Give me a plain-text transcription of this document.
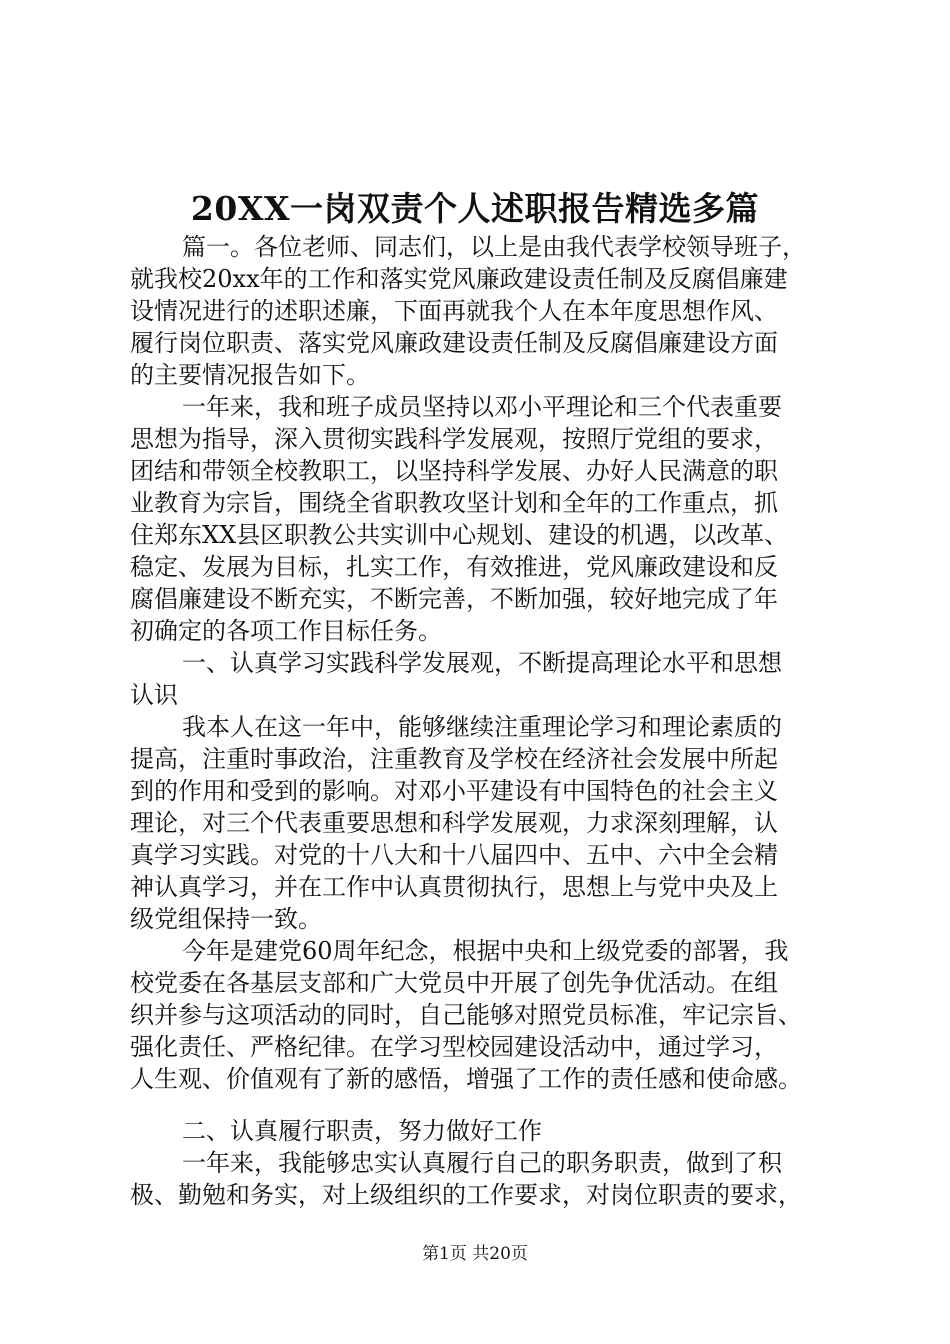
20XX一岗双责个人述职报告精选多篇
篇一。各位老师、同志们，以上是由我代表学校领导班子，
就我校20xx年的工作和落实党风廉政建设责任制及反腐倡廉建
设情况进行的述职述廉，下面再就我个人在本年度思想作风、
履行岗位职责、落实党风廉政建设责任制及反腐倡廉建设方面
的主要情况报告如下。
一年来，我和班子成员坚持以邓小平理论和三个代表重要
思想为指导，深入贯彻实践科学发展观，按照厅党组的要求，
团结和带领全校教职工，以坚持科学发展、办好人民满意的职
业教育为宗旨，围绕全省职教攻坚计划和全年的工作重点，抓
住郑东XX县区职教公共实训中心规划、建设的机遇，以改革、
稳定、发展为目标，扎实工作，有效推进，党风廉政建设和反
腐倡廉建设不断充实，不断完善，不断加强，较好地完成了年
初确定的各项工作目标任务。
一、认真学习实践科学发展观，不断提高理论水平和思想
认识
我本人在这一年中，能够继续注重理论学习和理论素质的
提高，注重时事政治，注重教育及学校在经济社会发展中所起
到的作用和受到的影响。对邓小平建设有中国特色的社会主义
理论，对三个代表重要思想和科学发展观，力求深刻理解，认
真学习实践。对党的十八大和十八届四中、五中、六中全会精
神认真学习，并在工作中认真贯彻执行，思想上与党中央及上
级党组保持一致。
今年是建党60周年纪念，根据中央和上级党委的部署，我
校党委在各基层支部和广大党员中开展了创先争优活动。在组
织并参与这项活动的同时，自己能够对照党员标准，牢记宗旨、
强化责任、严格纪律。在学习型校园建设活动中，通过学习，
人生观、价值观有了新的感悟，增强了工作的责任感和使命感。
二、认真履行职责，努力做好工作
一年来，我能够忠实认真履行自己的职务职责，做到了积
极、勤勉和务实，对上级组织的工作要求，对岗位职责的要求，
第1页 共20页
